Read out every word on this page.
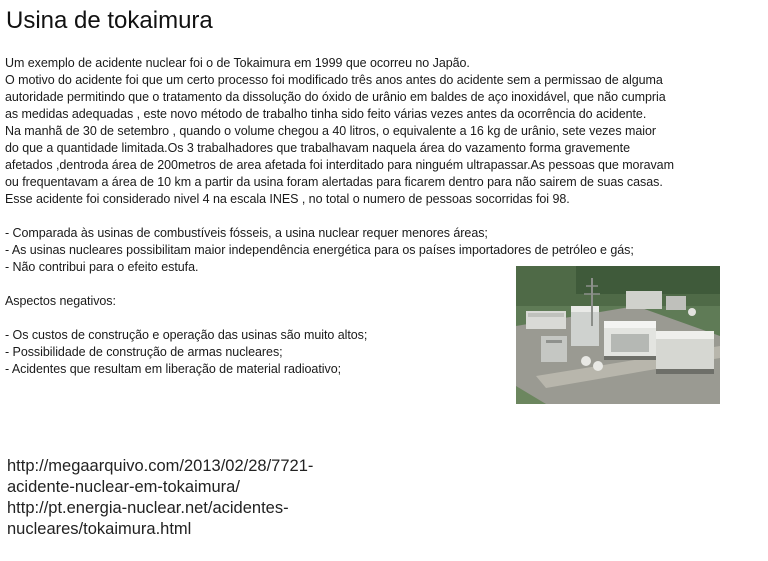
Usina de tokaimura

Um exemplo de acidente nuclear foi o de Tokaimura em 1999 que ocorreu no Japão.

O motivo do acidente foi que um certo processo foi modificado três anos antes do acidente sem a permissao de alguma

autoridade permitindo que o tratamento da dissolução do óxido de urânio em baldes de aço inoxidável, que não cumpria

as medidas adequadas , este novo método de trabalho tinha sido feito várias vezes antes da ocorrência do acidente.

Na manhã de 30 de setembro , quando o volume chegou a 40 litros, o equivalente a 16 kg de urânio, sete vezes maior

do que a quantidade limitada.Os 3 trabalhadores que trabalhavam naquela área do vazamento forma gravemente

afetados ,dentroda área de 200metros de area afetada foi interditado para ninguém ultrapassar.As pessoas que moravam

ou frequentavam a área de 10 km a partir da usina foram alertadas para ficarem dentro para não sairem de suas casas.

Esse acidente foi considerado nivel 4 na escala INES , no total o numero de pessoas socorridas foi 98.

- Comparada às usinas de combustíveis fósseis, a usina nuclear requer menores áreas;

- As usinas nucleares possibilitam maior independência energética para os países importadores de petróleo e gás;

- Não contribui para o efeito estufa.

Aspectos negativos:

- Os custos de construção e operação das usinas são muito altos;

- Possibilidade de construção de armas nucleares;

- Acidentes que resultam em liberação de material radioativo;

http://megaarquivo.com/2013/02/28/7721-
acidente-nuclear-em-tokaimura/
http://pt.energia-nuclear.net/acidentes-
nucleares/tokaimura.html
